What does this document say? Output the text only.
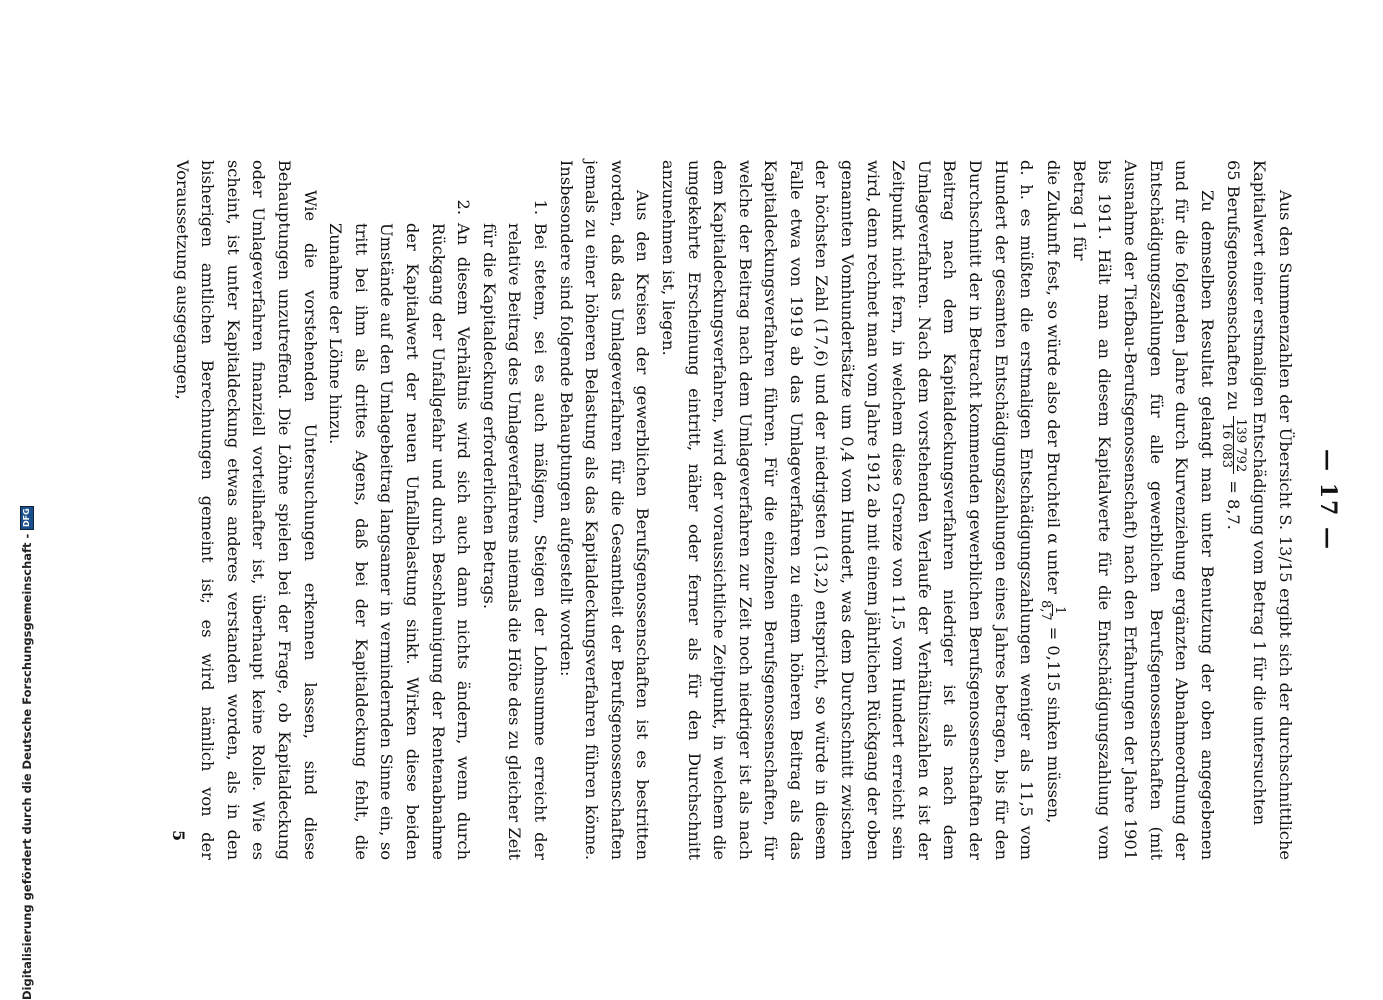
— 17 —

Aus den Summenzahlen der Übersicht S. 13/15 ergibt sich der durchschnittliche Kapitalwert einer erstmaligen Entschädigung vom Betrag 1 für die untersuchten

65 Berufsgenossenschaften zu
139 792
16 083
= 8,7.

Zu demselben Resultat gelangt man unter Benutzung der oben angegebenen und für die folgenden Jahre durch Kurvenziehung ergänzten Abnahmeordnung der Entschädigungszahlungen für alle gewerblichen Berufsgenossenschaften (mit Ausnahme der Tiefbau-Berufsgenossenschaft) nach den Erfahrungen der Jahre 1901 bis 1911. Hält man an diesem Kapitalwerte für die Entschädigungszahlung vom Betrag 1 für

die Zukunft fest, so würde also der Bruchteil α unter
1
8,7
= 0,115 sinken müssen,

d. h. es müßten die erstmaligen Entschädigungszahlungen weniger als 11,5 vom Hundert der gesamten Entschädigungszahlungen eines Jahres betragen, bis für den Durchschnitt der in Betracht kommenden gewerblichen Berufsgenossenschaften der Beitrag nach dem Kapitaldeckungsverfahren niedriger ist als nach dem Umlageverfahren. Nach dem vorstehenden Verlaufe der Verhältniszahlen α ist der Zeitpunkt nicht fern, in welchem diese Grenze von 11,5 vom Hundert erreicht sein wird, denn rechnet man vom Jahre 1912 ab mit einem jährlichen Rückgang der oben genannten Vomhundertsätze um 0,4 vom Hundert, was dem Durchschnitt zwischen der höchsten Zahl (17,6) und der niedrigsten (13,2) entspricht, so würde in diesem Falle etwa von 1919 ab das Umlageverfahren zu einem höheren Beitrag als das Kapitaldeckungsverfahren führen. Für die einzelnen Berufsgenossenschaften, für welche der Beitrag nach dem Umlageverfahren zur Zeit noch niedriger ist als nach dem Kapitaldeckungsverfahren, wird der voraussichtliche Zeitpunkt, in welchem die umgekehrte Erscheinung eintritt, näher oder ferner als für den Durchschnitt anzunehmen ist, liegen.

Aus den Kreisen der gewerblichen Berufsgenossenschaften ist es bestritten worden, daß das Umlageverfahren für die Gesamtheit der Berufsgenossenschaften jemals zu einer höheren Belastung als das Kapitaldeckungsverfahren führen könne. Insbesondere sind folgende Behauptungen aufgestellt worden:

1.
Bei stetem, sei es auch mäßigem, Steigen der Lohnsumme erreicht der relative Beitrag des Umlageverfahrens niemals die Höhe des zu gleicher Zeit für die Kapitaldeckung erforderlichen Betrags.
2.
An diesem Verhältnis wird sich auch dann nichts ändern, wenn durch Rückgang der Unfallgefahr und durch Beschleunigung der Rentenabnahme der Kapitalwert der neuen Unfallbelastung sinkt. Wirken diese beiden Umstände auf den Umlagebeitrag langsamer in vermindernden Sinne ein, so tritt bei ihm als drittes Agens, daß bei der Kapitaldeckung fehlt, die Zunahme der Löhne hinzu.

Wie die vorstehenden Untersuchungen erkennen lassen, sind diese Behauptungen unzutreffend. Die Löhne spielen bei der Frage, ob Kapitaldeckung oder Umlageverfahren finanziell vorteilhafter ist, überhaupt keine Rolle. Wie es scheint, ist unter Kapitaldeckung etwas anderes verstanden worden, als in den bisherigen amtlichen Berechnungen gemeint ist; es wird nämlich von der Voraussetzung ausgegangen,

5
Digitalisierung gefördert durch die Deutsche Forschungsgemeinschaft -
DFG
